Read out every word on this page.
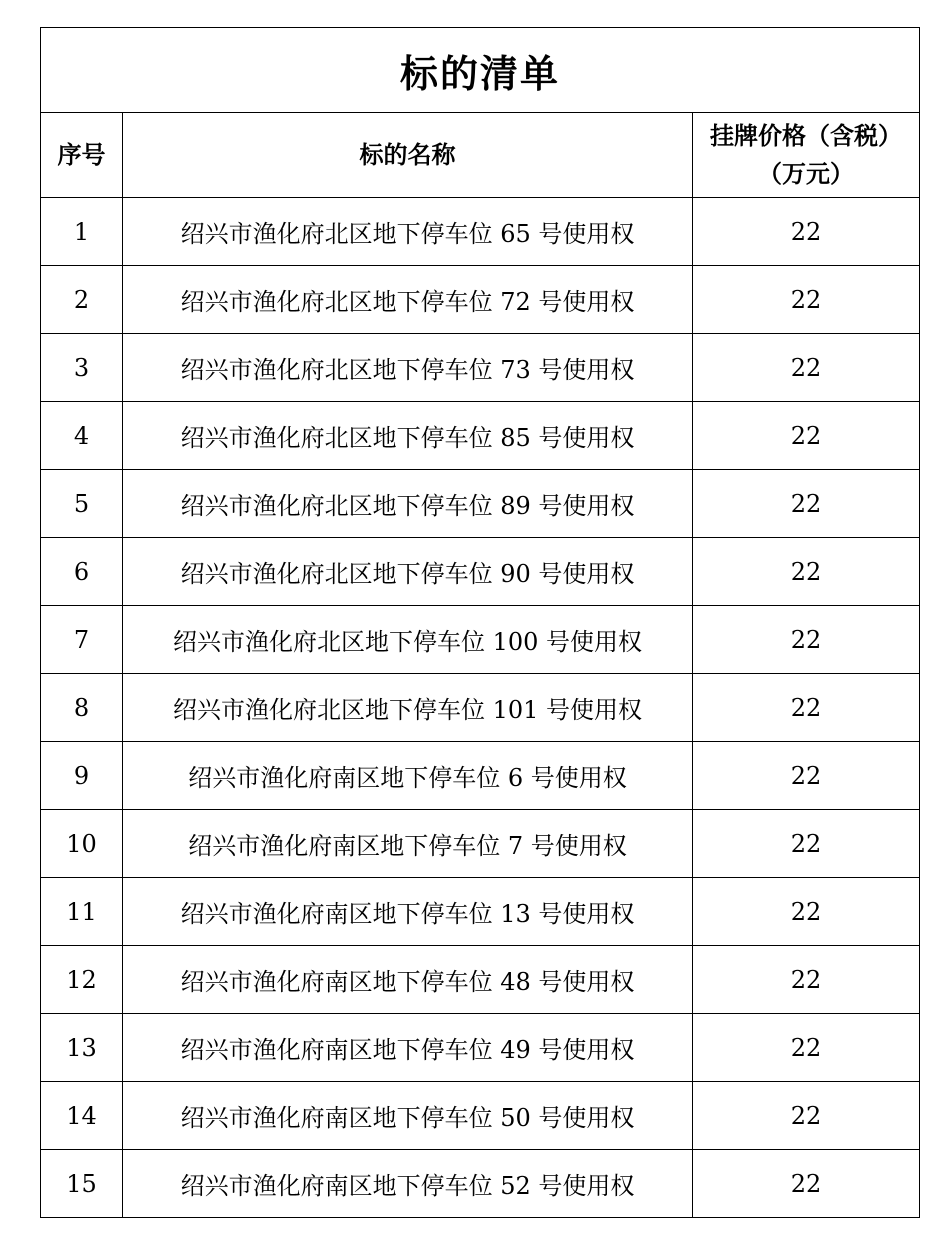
标的清单		
序号	标的名称	挂牌价格（含税）
（万元）

1	绍兴市渔化府北区地下停车位 65 号使用权	22
2	绍兴市渔化府北区地下停车位 72 号使用权	22
3	绍兴市渔化府北区地下停车位 73 号使用权	22
4	绍兴市渔化府北区地下停车位 85 号使用权	22
5	绍兴市渔化府北区地下停车位 89 号使用权	22
6	绍兴市渔化府北区地下停车位 90 号使用权	22
7	绍兴市渔化府北区地下停车位 100 号使用权	22
8	绍兴市渔化府北区地下停车位 101 号使用权	22
9	绍兴市渔化府南区地下停车位 6 号使用权	22
10	绍兴市渔化府南区地下停车位 7 号使用权	22
11	绍兴市渔化府南区地下停车位 13 号使用权	22
12	绍兴市渔化府南区地下停车位 48 号使用权	22
13	绍兴市渔化府南区地下停车位 49 号使用权	22
14	绍兴市渔化府南区地下停车位 50 号使用权	22
15	绍兴市渔化府南区地下停车位 52 号使用权	22
